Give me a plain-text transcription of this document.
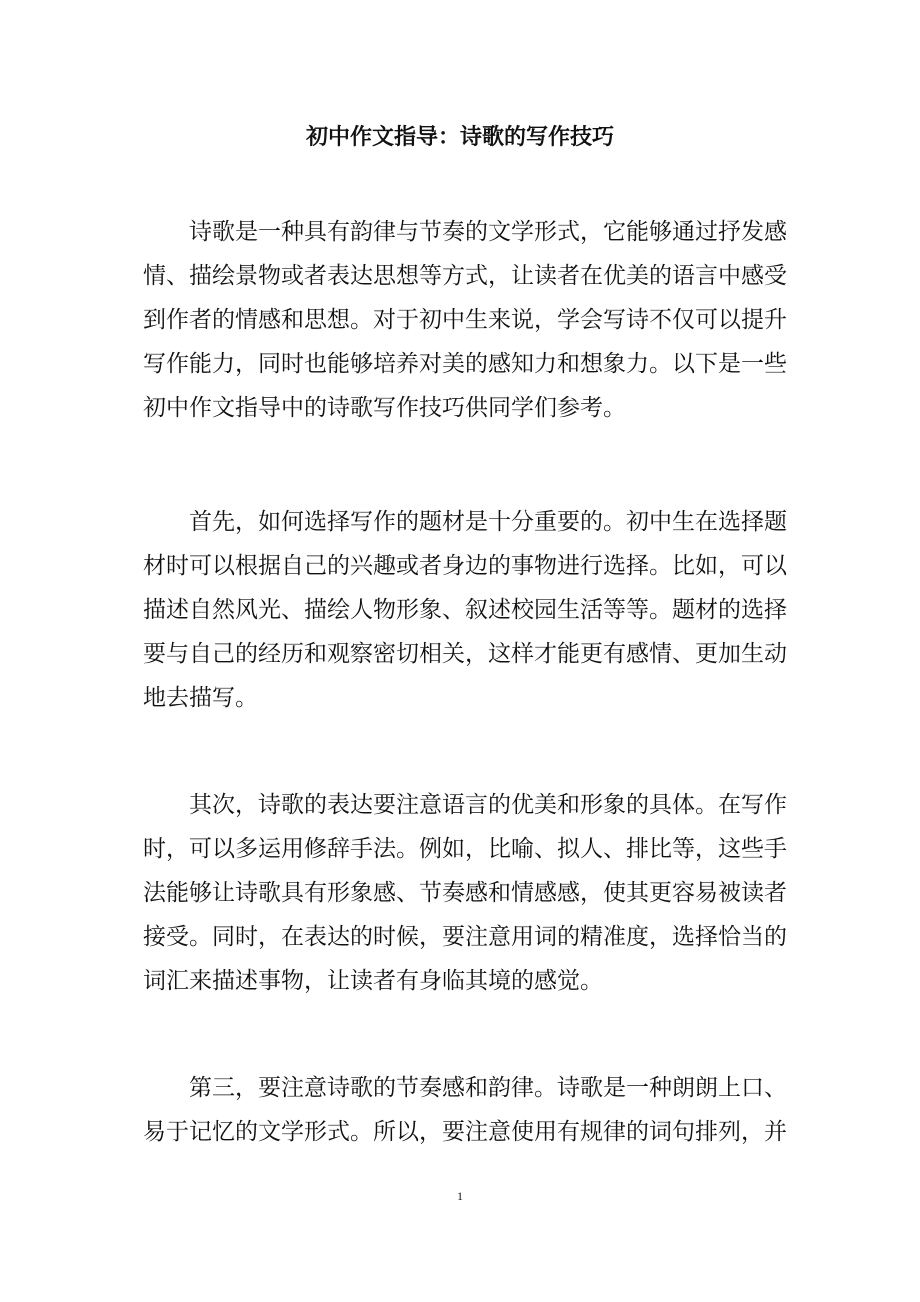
初中作文指导：诗歌的写作技巧
诗歌是一种具有韵律与节奏的文学形式，它能够通过抒发感
情、描绘景物或者表达思想等方式，让读者在优美的语言中感受
到作者的情感和思想。对于初中生来说，学会写诗不仅可以提升
写作能力，同时也能够培养对美的感知力和想象力。以下是一些
初中作文指导中的诗歌写作技巧供同学们参考。
首先，如何选择写作的题材是十分重要的。初中生在选择题
材时可以根据自己的兴趣或者身边的事物进行选择。比如，可以
描述自然风光、描绘人物形象、叙述校园生活等等。题材的选择
要与自己的经历和观察密切相关，这样才能更有感情、更加生动
地去描写。
其次，诗歌的表达要注意语言的优美和形象的具体。在写作
时，可以多运用修辞手法。例如，比喻、拟人、排比等，这些手
法能够让诗歌具有形象感、节奏感和情感感，使其更容易被读者
接受。同时，在表达的时候，要注意用词的精准度，选择恰当的
词汇来描述事物，让读者有身临其境的感觉。
第三，要注意诗歌的节奏感和韵律。诗歌是一种朗朗上口、
易于记忆的文学形式。所以，要注意使用有规律的词句排列，并
1
